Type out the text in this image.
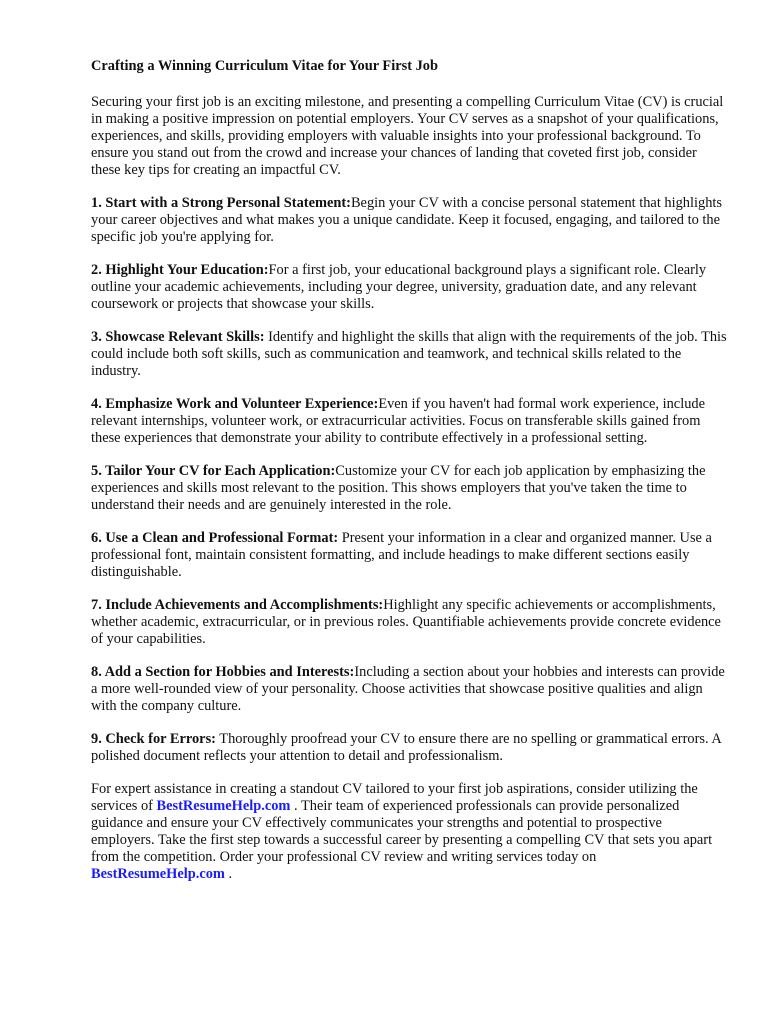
Crafting a Winning Curriculum Vitae for Your First Job

Securing your first job is an exciting milestone, and presenting a compelling Curriculum Vitae (CV) is crucial in making a positive impression on potential employers. Your CV serves as a snapshot of your qualifications, experiences, and skills, providing employers with valuable insights into your professional background. To ensure you stand out from the crowd and increase your chances of landing that coveted first job, consider these key tips for creating an impactful CV.

1. Start with a Strong Personal Statement:Begin your CV with a concise personal statement that highlights your career objectives and what makes you a unique candidate. Keep it focused, engaging, and tailored to the specific job you're applying for.

2. Highlight Your Education:For a first job, your educational background plays a significant role. Clearly outline your academic achievements, including your degree, university, graduation date, and any relevant coursework or projects that showcase your skills.

3. Showcase Relevant Skills: Identify and highlight the skills that align with the requirements of the job. This could include both soft skills, such as communication and teamwork, and technical skills related to the industry.

4. Emphasize Work and Volunteer Experience:Even if you haven't had formal work experience, include relevant internships, volunteer work, or extracurricular activities. Focus on transferable skills gained from these experiences that demonstrate your ability to contribute effectively in a professional setting.

5. Tailor Your CV for Each Application:Customize your CV for each job application by emphasizing the experiences and skills most relevant to the position. This shows employers that you've taken the time to understand their needs and are genuinely interested in the role.

6. Use a Clean and Professional Format: Present your information in a clear and organized manner. Use a professional font, maintain consistent formatting, and include headings to make different sections easily distinguishable.

7. Include Achievements and Accomplishments:Highlight any specific achievements or accomplishments, whether academic, extracurricular, or in previous roles. Quantifiable achievements provide concrete evidence of your capabilities.

8. Add a Section for Hobbies and Interests:Including a section about your hobbies and interests can provide a more well-rounded view of your personality. Choose activities that showcase positive qualities and align with the company culture.

9. Check for Errors: Thoroughly proofread your CV to ensure there are no spelling or grammatical errors. A polished document reflects your attention to detail and professionalism.

For expert assistance in creating a standout CV tailored to your first job aspirations, consider utilizing the services of BestResumeHelp.com . Their team of experienced professionals can provide personalized guidance and ensure your CV effectively communicates your strengths and potential to prospective employers. Take the first step towards a successful career by presenting a compelling CV that sets you apart from the competition. Order your professional CV review and writing services today on BestResumeHelp.com .
